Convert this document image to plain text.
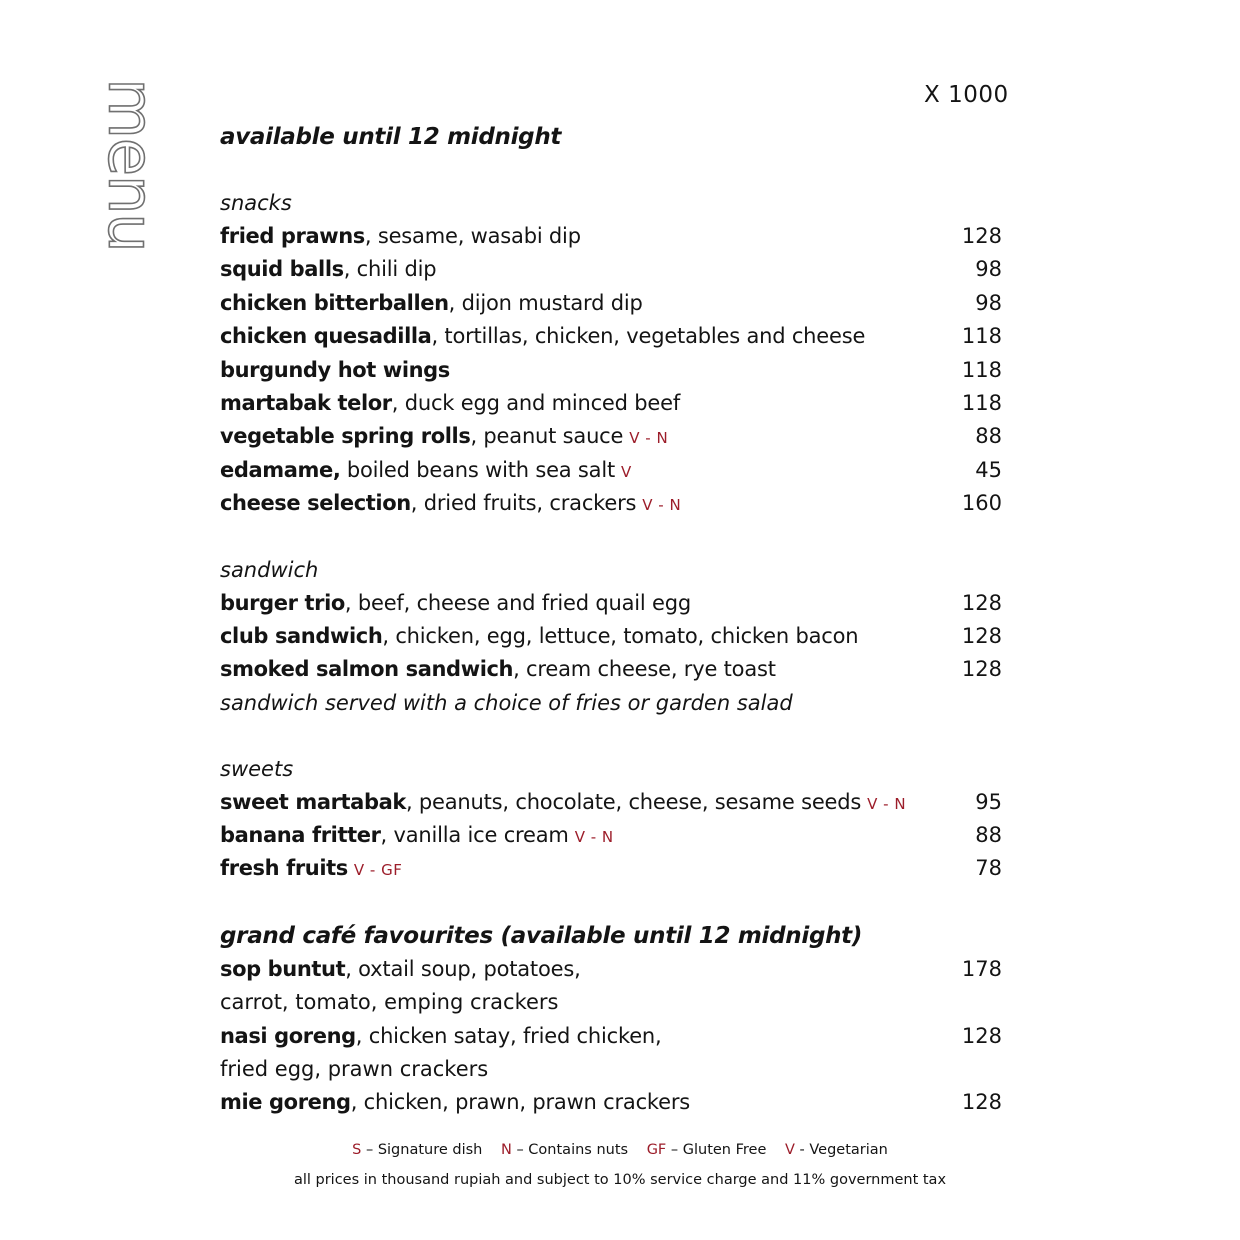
menu	X 1000
available until 12 midnight
snacks
fried prawns, sesame, wasabi dip	128
squid balls, chili dip	98
chicken bitterballen, dijon mustard dip	98
chicken quesadilla, tortillas, chicken, vegetables and cheese	118
burgundy hot wings	118
martabak telor, duck egg and minced beef	118
vegetable spring rolls, peanut sauce V - N	88
edamame, boiled beans with sea salt V	45
cheese selection, dried fruits, crackers V - N	160
sandwich
burger trio, beef, cheese and fried quail egg	128
club sandwich, chicken, egg, lettuce, tomato, chicken bacon	128
smoked salmon sandwich, cream cheese, rye toast	128
sandwich served with a choice of fries or garden salad
sweets
sweet martabak, peanuts, chocolate, cheese, sesame seeds V - N	95
banana fritter, vanilla ice cream V - N	88
fresh fruits V - GF	78
grand café favourites (available until 12 midnight)
sop buntut, oxtail soup, potatoes,	178
carrot, tomato, emping crackers
nasi goreng, chicken satay, fried chicken,	128
fried egg, prawn crackers
mie goreng, chicken, prawn, prawn crackers	128
S – Signature dish N – Contains nuts GF – Gluten Free V - Vegetarian
all prices in thousand rupiah and subject to 10% service charge and 11% government tax
